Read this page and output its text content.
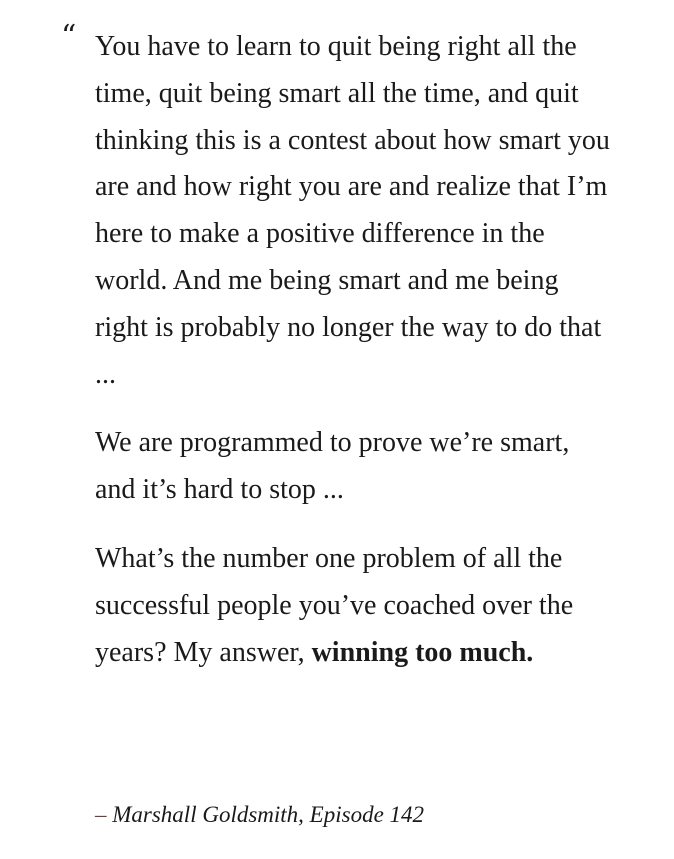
“ You have to learn to quit being right all the time, quit being smart all the time, and quit thinking this is a contest about how smart you are and how right you are and realize that I’m here to make a positive difference in the world. And me being smart and me being right is probably no longer the way to do that ...

We are programmed to prove we’re smart, and it’s hard to stop ...

What’s the number one problem of all the successful people you’ve coached over the years? My answer, winning too much.

– Marshall Goldsmith, Episode 142
